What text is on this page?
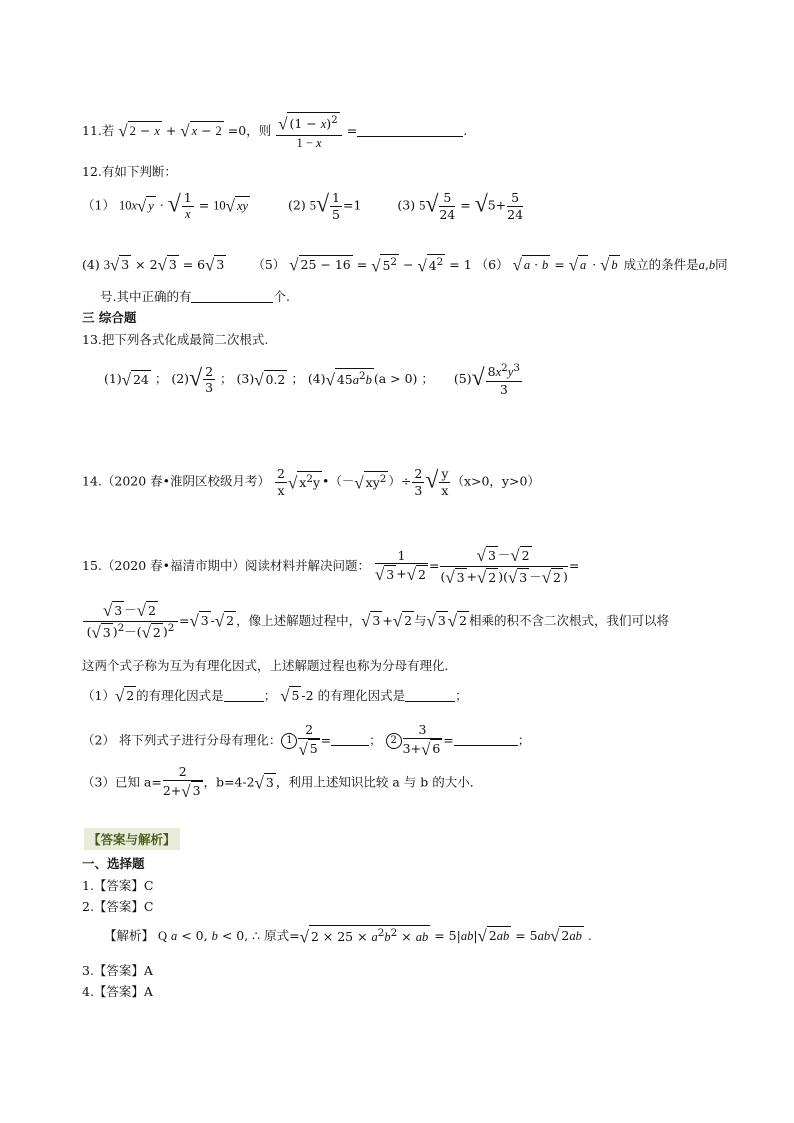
11.若 √ 2 − x + √ x − 2 =0，则 $\frac{√ (1 - x)^2}{1 - x}$ =	.
12.有如下判断：
（1） 10x√ y · √ $\frac{1}{x} = 10√$ xy	(2) $5√ \frac{1}{5} =1$	(3) $5√ \frac{5}{24} = √5+ \frac{5}{24}$
(4) 3√ 3 × 2√ 3 = 6√ 3 （5） √ 25 − 16 = √ $5^2$ − √ $4^2 = 1$ （6） √ a · b = √ a · √ b 成立的条件是a,b同
号.其中正确的有	个.
三 综合题
13.把下列各式化成最简二次根式.
(1)√ 24 ； $(2)√ \frac{2}{3}$ ； (3)√ 0.2 ； (4)√ $45a^2b$ (a > 0) ；  $(5)√ \frac{8x^2y^3}{3}$
14.（2020 春•淮阴区校级月考） $\frac{2}{x}$ √ $x^2y$ •（－√ $xy^2$ ）÷ $\frac{2}{3}$ √ $\frac{y}{x} (x>0$，y>0）
15.（2020 春•福清市期中）阅读材料并解决问题： $\frac{1}{√ 3 +√ 2} = \frac{√ 3 -√ 2}{(√ 3 +√ 2 )(√ 3 -√ 2 )}$ =
$\frac{√ 3 -√ 2}{(√ 3 )^2-(√ 2 )^2}$ =√ 3 -√ 2 ，像上述解题过程中，√ 3 +√ 2 与√ 3 √ 2 相乘的积不含二次根式，我们可以将
这两个式子称为互为有理化因式，上述解题过程也称为分母有理化．
（1）√ 2 的有理化因式是	； √ 5 -2 的有理化因式是	；
（2） 将下列式子进行分母有理化： $1 \frac{2}{√ 5}$ =	； $2 \frac{3}{3+√ 6}$ =	；
（3）已知 $a= \frac{2}{2+√ 3}$ ，b=4-2√ 3 ，利用上述知识比较 a 与 b 的大小．
【答案与解析】
一、选择题
1.【答案】C
2.【答案】C
【解析】 Q a < 0, b < 0, ∴ 原式=√ $2 \times 25 \times a^2b^2$ × ab = 5|ab|√ 2ab = 5ab√ 2ab .
3.【答案】A
4.【答案】A
